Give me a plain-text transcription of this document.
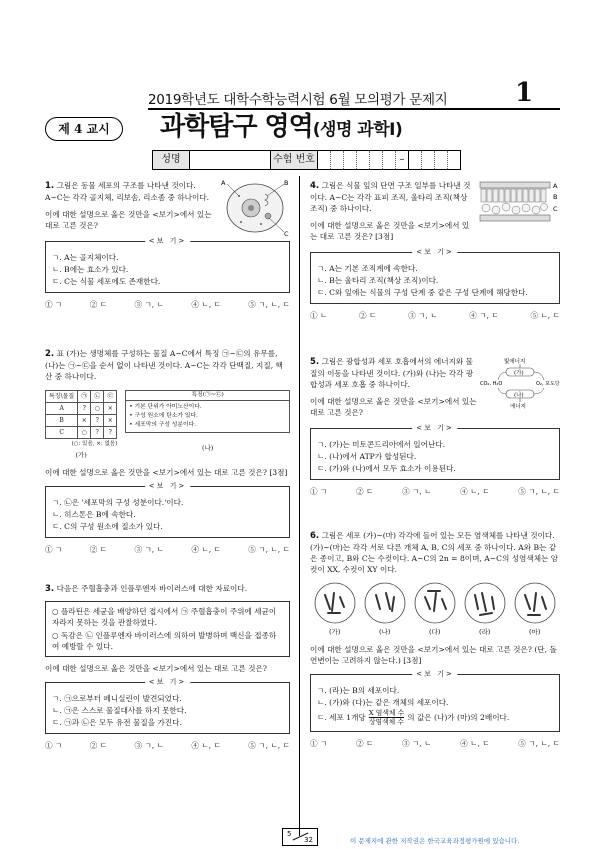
2019학년도 대학수학능력시험 6월 모의평가 문제지	1
제 4 교시	과학탐구 영역(생명 과학Ⅰ)
성명	수험 번호	–

1. 그림은 동물 세포의 구조를 나타낸 것이다. A~C는 각각 골지체, 리보솜, 리소좀 중 하나이다.

이에 대한 설명으로 옳은 것만을 <보기>에서 있는 대로 고른 것은?

A	B
C
<보 기>
ㄱ. A는 골지체이다.
ㄴ. B에는 효소가 있다.
ㄷ. C는 식물 세포에도 존재한다.
① ㄱ	② ㄷ	③ ㄱ, ㄴ	④ ㄴ, ㄷ	⑤ ㄱ, ㄴ, ㄷ

2. 표 (가)는 생명체를 구성하는 물질 A~C에서 특징 ㉠~㉢의 유무를, (나)는 ㉠~㉢을 순서 없이 나타낸 것이다. A~C는 각각 단백질, 지질, 핵산 중 하나이다.

특징\물질	㉠	㉡	㉢
A	?	○	×
B	×	?	×
C	○	?	?
(○: 있음, ×: 없음)
(가)
특징(㉠~㉢)
• 기본 단위가 아미노산이다.
• 구성 원소에 탄소가 있다.
• 세포막의 구성 성분이다.
(나)

이에 대한 설명으로 옳은 것만을 <보기>에서 있는 대로 고른 것은? [3점]

<보 기>
ㄱ. ㉡은 '세포막의 구성 성분이다.'이다.
ㄴ. 히스톤은 B에 속한다.
ㄷ. C의 구성 원소에 질소가 있다.
① ㄱ	② ㄷ	③ ㄱ, ㄴ	④ ㄴ, ㄷ	⑤ ㄱ, ㄴ, ㄷ

3. 다음은 주혈흡충과 인플루엔자 바이러스에 대한 자료이다.

○ 플라틴은 세균을 배양하던 접시에서 ㉠ 주혈흡충이 주위에 세균이 자라지 못하는 것을 관찰하였다.
○ 독감은 ㉡ 인플루엔자 바이러스에 의하여 발병하며 백신을 접종하여 예방할 수 있다.

이에 대한 설명으로 옳은 것만을 <보기>에서 있는 대로 고른 것은?

<보 기>
ㄱ. ㉠으로부터 페니실린이 발견되었다.
ㄴ. ㉠은 스스로 물질대사를 하지 못한다.
ㄷ. ㉠과 ㉡은 모두 유전 물질을 가진다.
① ㄱ	② ㄷ	③ ㄱ, ㄴ	④ ㄴ, ㄷ	⑤ ㄱ, ㄴ, ㄷ

4. 그림은 식물 잎의 단면 구조 일부를 나타낸 것이다. A~C는 각각 표피 조직, 울타리 조직(책상 조직) 중 하나이다.

이에 대한 설명으로 옳은 것만을 <보기>에서 있는 대로 고른 것은? [3점]

A
B
C
<보 기>
ㄱ. A는 기본 조직계에 속한다.
ㄴ. B는 울타리 조직(책상 조직)이다.
ㄷ. C와 잎에는 식물의 구성 단계 중 같은 구성 단계에 해당한다.
① ㄴ	② ㄷ	③ ㄱ, ㄴ	④ ㄱ, ㄷ	⑤ ㄴ, ㄷ

5. 그림은 광합성과 세포 호흡에서의 에너지와 물질의 이동을 나타낸 것이다. (가)와 (나)는 각각 광합성과 세포 호흡 중 하나이다.

이에 대한 설명으로 옳은 것만을 <보기>에서 있는 대로 고른 것은?

빛에너지
(가)
(나)
CO₂, H₂O	O₂, 포도당
에너지
<보 기>
ㄱ. (가)는 미토콘드리아에서 일어난다.
ㄴ. (나)에서 ATP가 합성된다.
ㄷ. (가)와 (나)에서 모두 효소가 이용된다.
① ㄱ	② ㄷ	③ ㄱ, ㄴ	④ ㄴ, ㄷ	⑤ ㄱ, ㄴ, ㄷ

6. 그림은 세포 (가)~(마) 각각에 들어 있는 모든 염색체를 나타낸 것이다. (가)~(마)는 각각 서로 다른 개체 A, B, C의 세포 중 하나이다. A와 B는 같은 종이고, B와 C는 수컷이다. A~C의 2n = 8이며, A~C의 성염색체는 암컷이 XX, 수컷이 XY 이다.

(가)	(나)	(다)	(라)	(마)

이에 대한 설명으로 옳은 것만을 <보기>에서 있는 대로 고른 것은? (단, 돌연변이는 고려하지 않는다.) [3점]

<보 기>
ㄱ. (라)는 B의 세포이다.
ㄴ. (가)와 (다)는 같은 개체의 세포이다.
ㄷ. 세포 1개당 X 염색체 수
상염색체 수 의 값은 (나)가 (마)의 2배이다.
① ㄱ	② ㄷ	③ ㄱ, ㄴ	④ ㄴ, ㄷ	⑤ ㄱ, ㄴ, ㄷ
5
32	이 문제지에 관한 저작권은 한국교육과정평가원에 있습니다.
